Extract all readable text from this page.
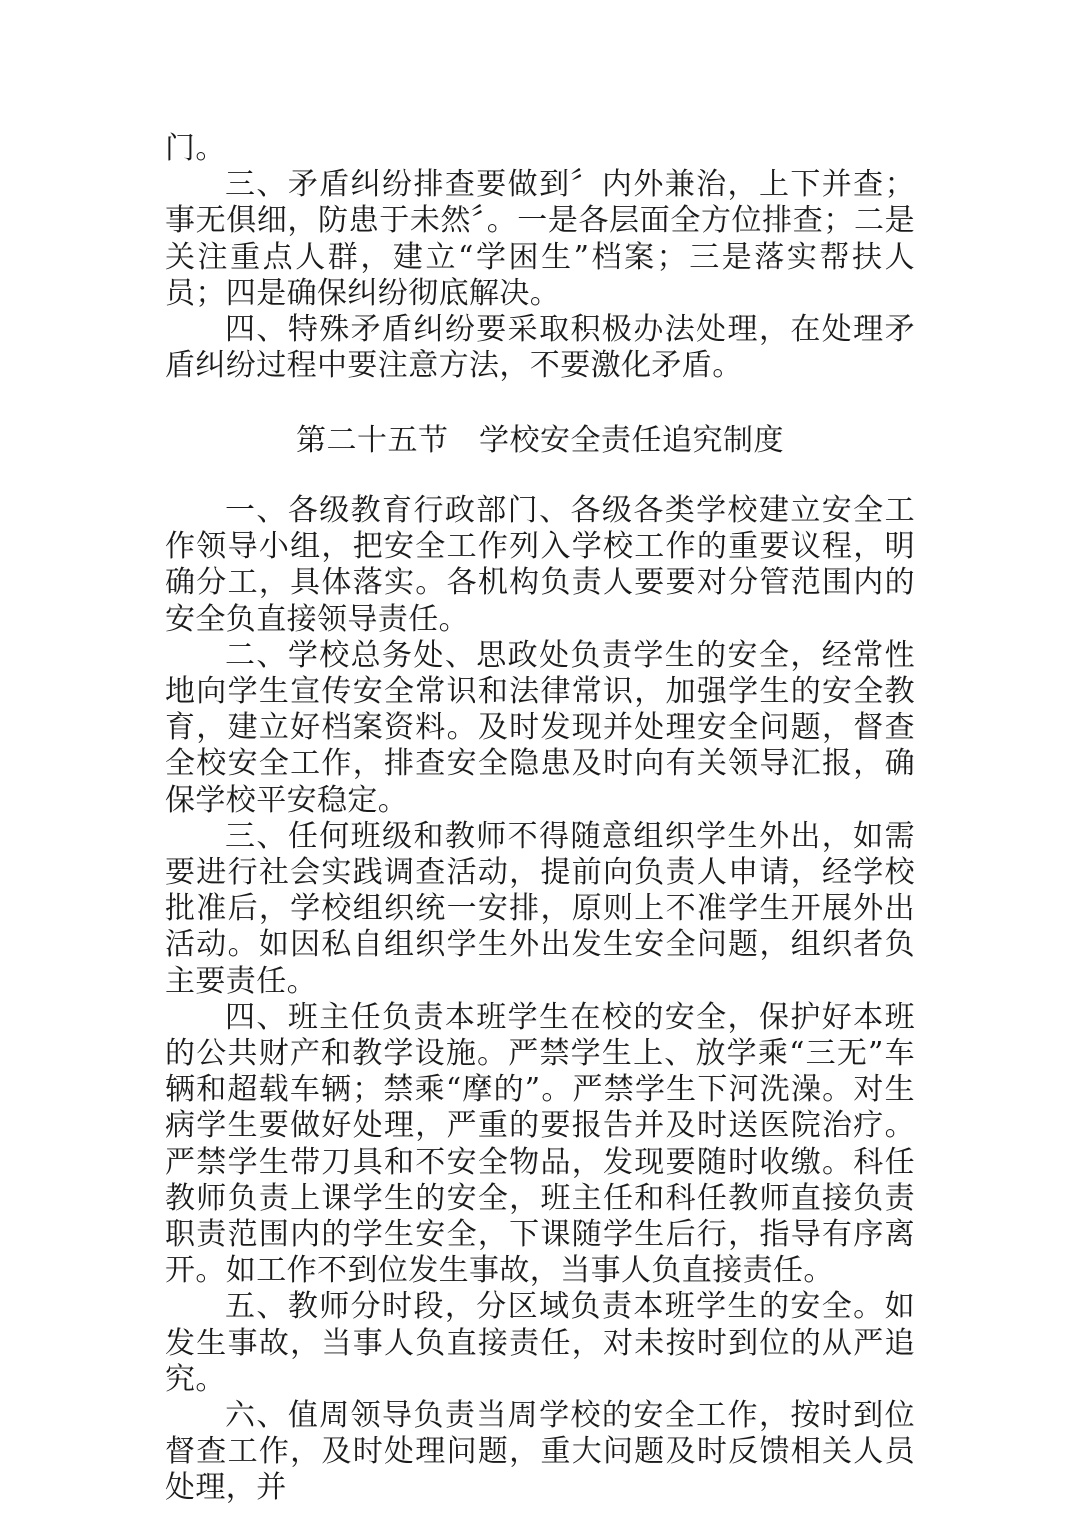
门。

三、矛盾纠纷排查要做到〞内外兼治，上下并查；事无俱细，防患于未然〞。一是各层面全方位排查；二是关注重点人群，建立“学困生”档案；三是落实帮扶人员；四是确保纠纷彻底解决。

四、特殊矛盾纠纷要采取积极办法处理，在处理矛盾纠纷过程中要注意方法，不要激化矛盾。

第二十五节　学校安全责任追究制度

一、各级教育行政部门、各级各类学校建立安全工作领导小组，把安全工作列入学校工作的重要议程，明确分工，具体落实。各机构负责人要要对分管范围内的安全负直接领导责任。

二、学校总务处、思政处负责学生的安全，经常性地向学生宣传安全常识和法律常识，加强学生的安全教育，建立好档案资料。及时发现并处理安全问题，督查全校安全工作，排查安全隐患及时向有关领导汇报，确保学校平安稳定。

三、任何班级和教师不得随意组织学生外出，如需要进行社会实践调查活动，提前向负责人申请，经学校批准后，学校组织统一安排，原则上不准学生开展外出活动。如因私自组织学生外出发生安全问题，组织者负主要责任。

四、班主任负责本班学生在校的安全，保护好本班的公共财产和教学设施。严禁学生上、放学乘“三无”车辆和超载车辆；禁乘“摩的”。严禁学生下河洗澡。对生病学生要做好处理，严重的要报告并及时送医院治疗。严禁学生带刀具和不安全物品，发现要随时收缴。科任教师负责上课学生的安全，班主任和科任教师直接负责职责范围内的学生安全，下课随学生后行，指导有序离开。如工作不到位发生事故，当事人负直接责任。

五、教师分时段，分区域负责本班学生的安全。如发生事故，当事人负直接责任，对未按时到位的从严追究。

六、值周领导负责当周学校的安全工作，按时到位督查工作，及时处理问题，重大问题及时反馈相关人员处理，并
